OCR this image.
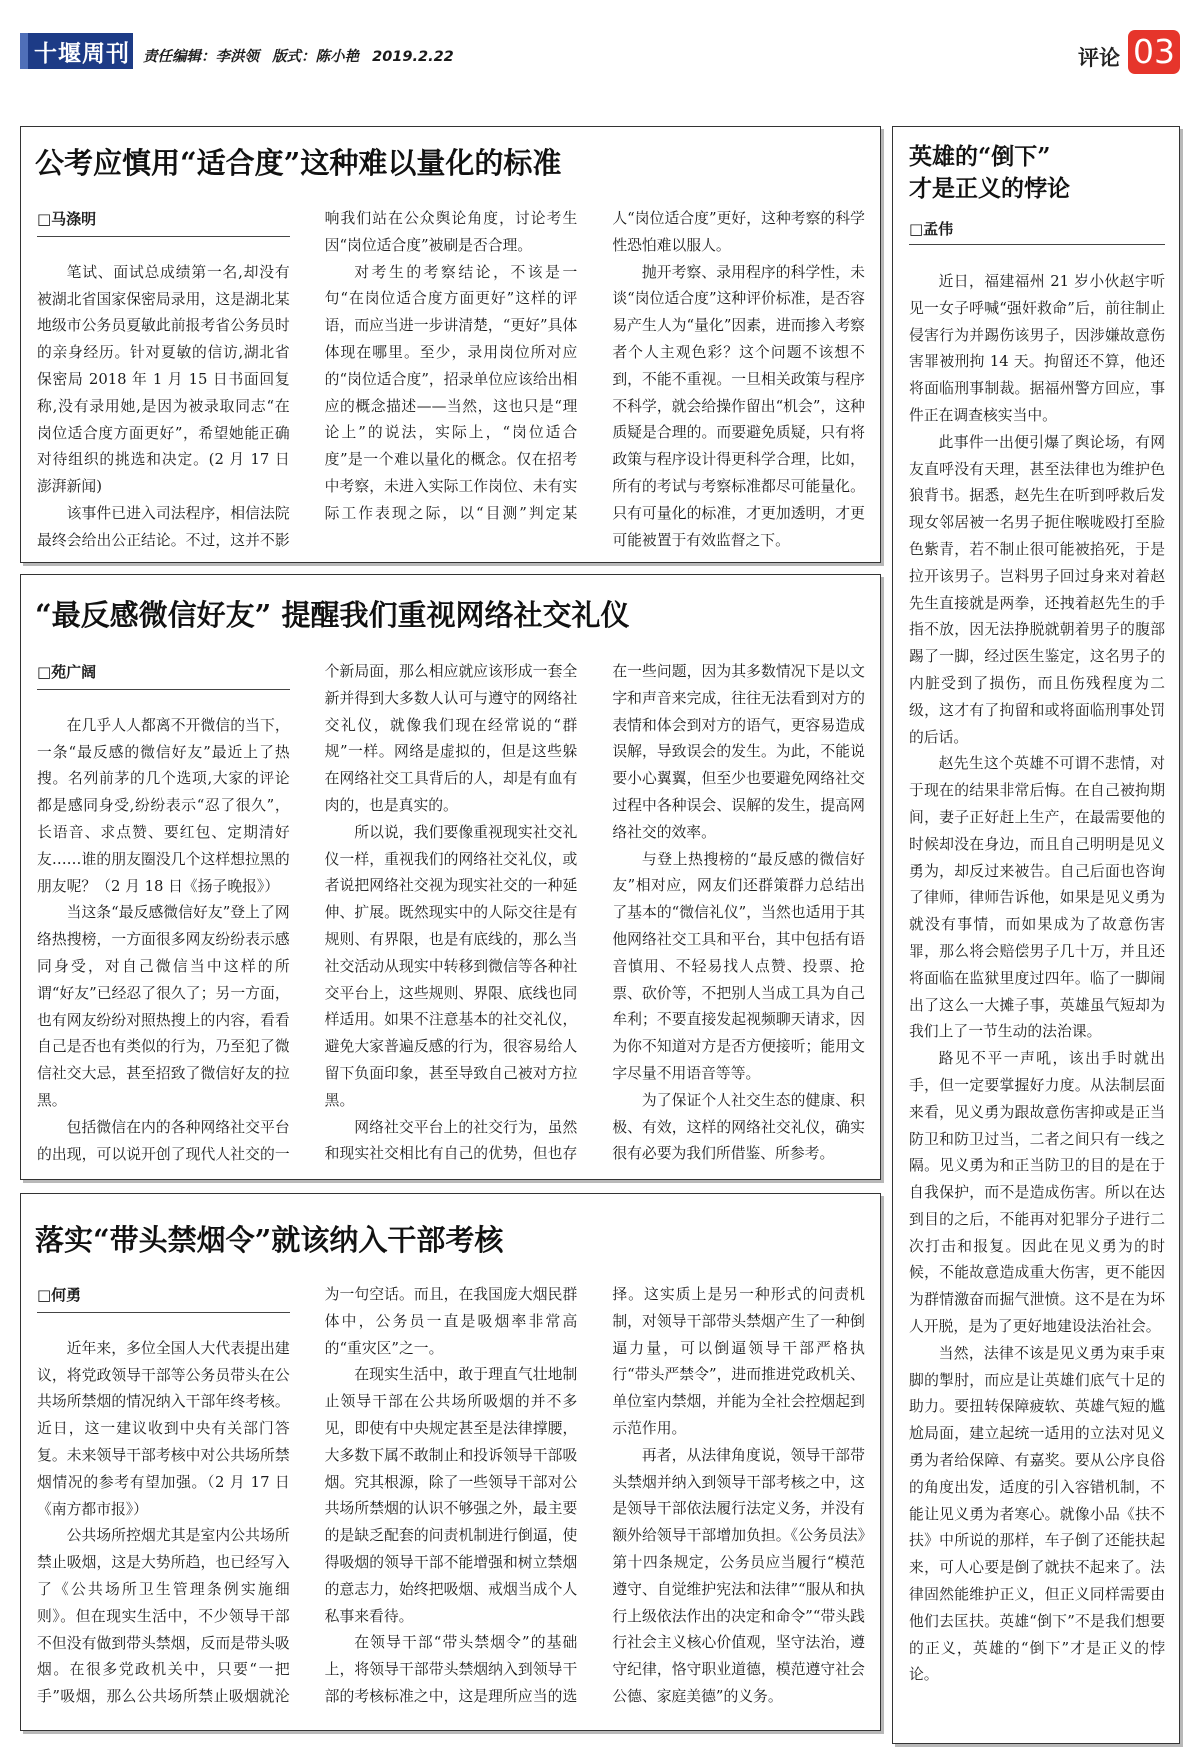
十堰周刊 责任编辑：李洪领 版式：陈小艳 2019.2.22	评论 03
公考应慎用“适合度”这种难以量化的标准
□马涤明

笔试、面试总成绩第一名,却没有被湖北省国家保密局录用，这是湖北某地级市公务员夏敏此前报考省公务员时的亲身经历。针对夏敏的信访,湖北省保密局 2018 年 1 月 15 日书面回复称,没有录用她,是因为被录取同志“在岗位适合度方面更好”，希望她能正确对待组织的挑选和决定。(2 月 17 日澎湃新闻)

该事件已进入司法程序，相信法院最终会给出公正结论。不过，这并不影响我们站在公众舆论角度，讨论考生因“岗位适合度”被刷是否合理。

对考生的考察结论，不该是一句“在岗位适合度方面更好”这样的评语，而应当进一步讲清楚，“更好”具体体现在哪里。至少，录用岗位所对应的“岗位适合度”，招录单位应该给出相应的概念描述——当然，这也只是“理论上”的说法，实际上，“岗位适合度”是一个难以量化的概念。仅在招考中考察，未进入实际工作岗位、未有实际工作表现之际，以“目测”判定某人“岗位适合度”更好，这种考察的科学性恐怕难以服人。

抛开考察、录用程序的科学性，未谈“岗位适合度”这种评价标准，是否容易产生人为“量化”因素，进而掺入考察者个人主观色彩？这个问题不该想不到，不能不重视。一旦相关政策与程序不科学，就会给操作留出“机会”，这种质疑是合理的。而要避免质疑，只有将政策与程序设计得更科学合理，比如，所有的考试与考察标准都尽可能量化。只有可量化的标准，才更加透明，才更可能被置于有效监督之下。

“最反感微信好友” 提醒我们重视网络社交礼仪
□苑广阔

在几乎人人都离不开微信的当下，一条“最反感的微信好友”最近上了热搜。名列前茅的几个选项,大家的评论都是感同身受,纷纷表示“忍了很久”，长语音、求点赞、要红包、定期清好友……谁的朋友圈没几个这样想拉黑的朋友呢？（2 月 18 日《扬子晚报》）

当这条“最反感微信好友”登上了网络热搜榜，一方面很多网友纷纷表示感同身受，对自己微信当中这样的所谓“好友”已经忍了很久了；另一方面，也有网友纷纷对照热搜上的内容，看看自己是否也有类似的行为，乃至犯了微信社交大忌，甚至招致了微信好友的拉黑。

包括微信在内的各种网络社交平台的出现，可以说开创了现代人社交的一个新局面，那么相应就应该形成一套全新并得到大多数人认可与遵守的网络社交礼仪，就像我们现在经常说的“群规”一样。网络是虚拟的，但是这些躲在网络社交工具背后的人，却是有血有肉的，也是真实的。

所以说，我们要像重视现实社交礼仪一样，重视我们的网络社交礼仪，或者说把网络社交视为现实社交的一种延伸、扩展。既然现实中的人际交往是有规则、有界限，也是有底线的，那么当社交活动从现实中转移到微信等各种社交平台上，这些规则、界限、底线也同样适用。如果不注意基本的社交礼仪，避免大家普遍反感的行为，很容易给人留下负面印象，甚至导致自己被对方拉黑。

网络社交平台上的社交行为，虽然和现实社交相比有自己的优势，但也存在一些问题，因为其多数情况下是以文字和声音来完成，往往无法看到对方的表情和体会到对方的语气，更容易造成误解，导致误会的发生。为此，不能说要小心翼翼，但至少也要避免网络社交过程中各种误会、误解的发生，提高网络社交的效率。

与登上热搜榜的“最反感的微信好友”相对应，网友们还群策群力总结出了基本的“微信礼仪”，当然也适用于其他网络社交工具和平台，其中包括有语音慎用、不轻易找人点赞、投票、抢票、砍价等，不把别人当成工具为自己牟利；不要直接发起视频聊天请求，因为你不知道对方是否方便接听；能用文字尽量不用语音等等。

为了保证个人社交生态的健康、积极、有效，这样的网络社交礼仪，确实很有必要为我们所借鉴、所参考。

落实“带头禁烟令”就该纳入干部考核
□何勇

近年来，多位全国人大代表提出建议，将党政领导干部等公务员带头在公共场所禁烟的情况纳入干部年终考核。近日，这一建议收到中央有关部门答复。未来领导干部考核中对公共场所禁烟情况的参考有望加强。（2 月 17 日《南方都市报》）

公共场所控烟尤其是室内公共场所禁止吸烟，这是大势所趋，也已经写入了《公共场所卫生管理条例实施细则》。但在现实生活中，不少领导干部不但没有做到带头禁烟，反而是带头吸烟。在很多党政机关中，只要“一把手”吸烟，那么公共场所禁止吸烟就沦为一句空话。而且，在我国庞大烟民群体中，公务员一直是吸烟率非常高的“重灾区”之一。

在现实生活中，敢于理直气壮地制止领导干部在公共场所吸烟的并不多见，即使有中央规定甚至是法律撑腰，大多数下属不敢制止和投诉领导干部吸烟。究其根源，除了一些领导干部对公共场所禁烟的认识不够强之外，最主要的是缺乏配套的问责机制进行倒逼，使得吸烟的领导干部不能增强和树立禁烟的意志力，始终把吸烟、戒烟当成个人私事来看待。

在领导干部“带头禁烟令”的基础上，将领导干部带头禁烟纳入到领导干部的考核标准之中，这是理所应当的选择。这实质上是另一种形式的问责机制，对领导干部带头禁烟产生了一种倒逼力量，可以倒逼领导干部严格执行“带头严禁令”，进而推进党政机关、单位室内禁烟，并能为全社会控烟起到示范作用。

再者，从法律角度说，领导干部带头禁烟并纳入到领导干部考核之中，这是领导干部依法履行法定义务，并没有额外给领导干部增加负担。《公务员法》第十四条规定，公务员应当履行“模范遵守、自觉维护宪法和法律”“服从和执行上级依法作出的决定和命令”“带头践行社会主义核心价值观，坚守法治，遵守纪律，恪守职业道德，模范遵守社会公德、家庭美德”的义务。

英雄的“倒下”
才是正义的悖论
□孟伟

近日，福建福州 21 岁小伙赵宇听见一女子呼喊“强奸救命”后，前往制止侵害行为并踢伤该男子，因涉嫌故意伤害罪被刑拘 14 天。拘留还不算，他还将面临刑事制裁。据福州警方回应，事件正在调查核实当中。

此事件一出便引爆了舆论场，有网友直呼没有天理，甚至法律也为维护色狼背书。据悉，赵先生在听到呼救后发现女邻居被一名男子扼住喉咙殴打至脸色紫青，若不制止很可能被掐死，于是拉开该男子。岂料男子回过身来对着赵先生直接就是两拳，还拽着赵先生的手指不放，因无法挣脱就朝着男子的腹部踢了一脚，经过医生鉴定，这名男子的内脏受到了损伤，而且伤残程度为二级，这才有了拘留和或将面临刑事处罚的后话。

赵先生这个英雄不可谓不悲情，对于现在的结果非常后悔。在自己被拘期间，妻子正好赶上生产，在最需要他的时候却没在身边，而且自己明明是见义勇为，却反过来被告。自己后面也咨询了律师，律师告诉他，如果是见义勇为就没有事情，而如果成为了故意伤害罪，那么将会赔偿男子几十万，并且还将面临在监狱里度过四年。临了一脚闹出了这么一大摊子事，英雄虽气短却为我们上了一节生动的法治课。

路见不平一声吼，该出手时就出手，但一定要掌握好力度。从法制层面来看，见义勇为跟故意伤害抑或是正当防卫和防卫过当，二者之间只有一线之隔。见义勇为和正当防卫的目的是在于自我保护，而不是造成伤害。所以在达到目的之后，不能再对犯罪分子进行二次打击和报复。因此在见义勇为的时候，不能故意造成重大伤害，更不能因为群情激奋而掘气泄愤。这不是在为坏人开脱，是为了更好地建设法治社会。

当然，法律不该是见义勇为束手束脚的掣肘，而应是让英雄们底气十足的助力。要扭转保障疲软、英雄气短的尴尬局面，建立起统一适用的立法对见义勇为者给保障、有嘉奖。要从公序良俗的角度出发，适度的引入容错机制，不能让见义勇为者寒心。就像小品《扶不扶》中所说的那样，车子倒了还能扶起来，可人心要是倒了就扶不起来了。法律固然能维护正义，但正义同样需要由他们去匡扶。英雄“倒下”不是我们想要的正义，英雄的“倒下”才是正义的悖论。
